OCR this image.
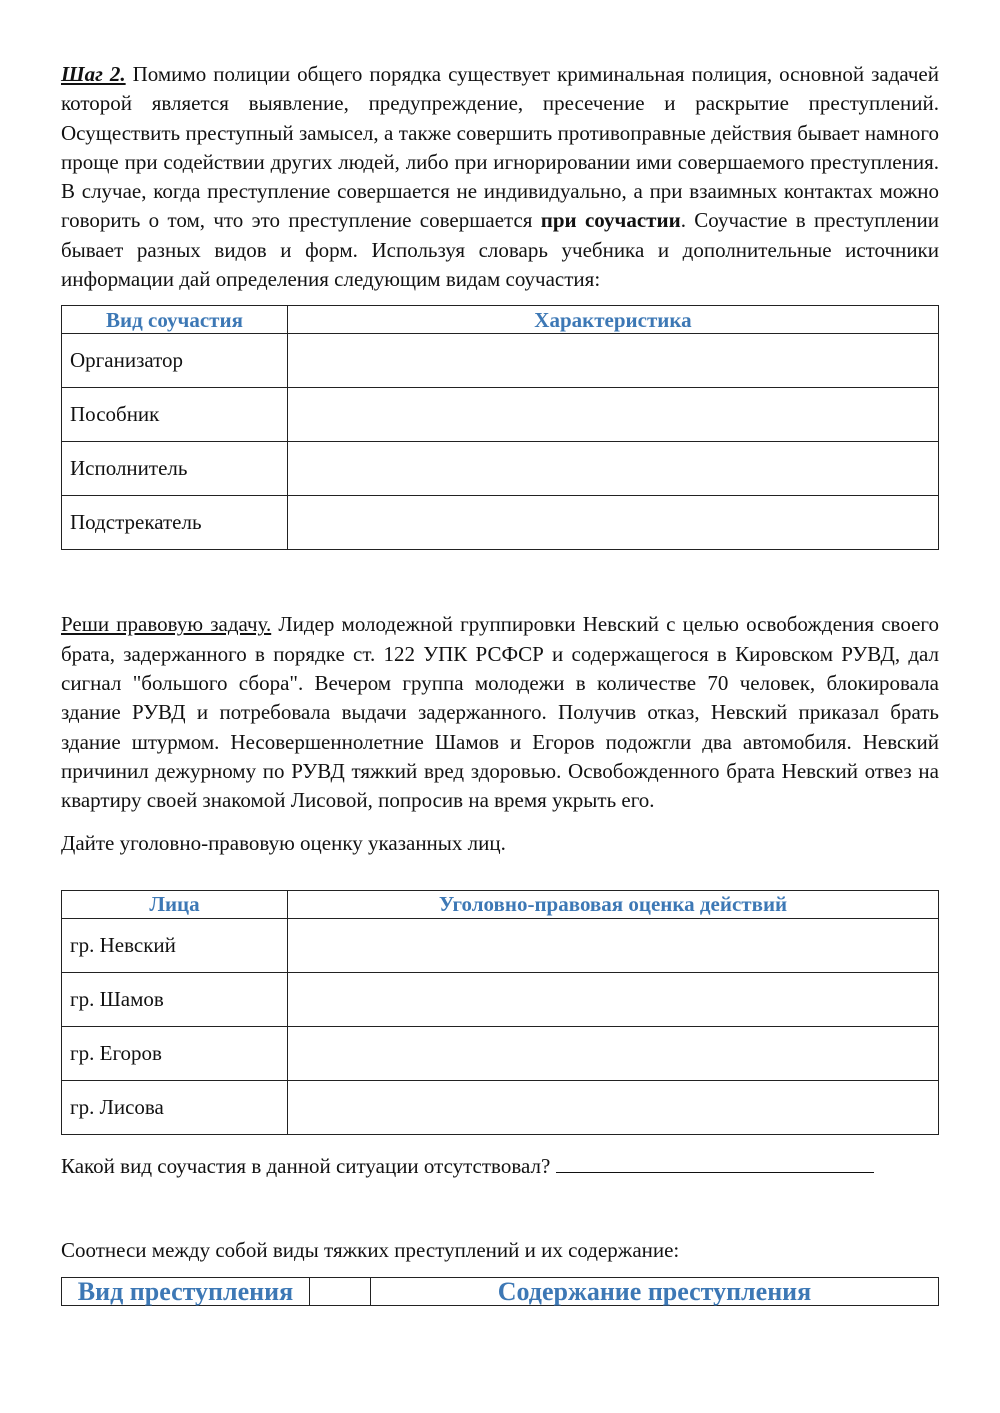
Шаг 2. Помимо полиции общего порядка существует криминальная полиция, основной задачей которой является выявление, предупреждение, пресечение и раскрытие преступлений. Осуществить преступный замысел, а также совершить противоправные действия бывает намного проще при содействии других людей, либо при игнорировании ими совершаемого преступления. В случае, когда преступление совершается не индивидуально, а при взаимных контактах можно говорить о том, что это преступление совершается при соучастии. Соучастие в преступлении бывает разных видов и форм. Используя словарь учебника и дополнительные источники информации дай определения следующим видам соучастия:

Вид соучастия	Характеристика
Организатор	
Пособник	
Исполнитель	
Подстрекатель	

Реши правовую задачу. Лидер молодежной группировки Невский с целью освобождения своего брата, задержанного в порядке ст. 122 УПК РСФСР и содержащегося в Кировском РУВД, дал сигнал "большого сбора". Вечером группа молодежи в количестве 70 человек, блокировала здание РУВД и потребовала выдачи задержанного. Получив отказ, Невский приказал брать здание штурмом. Несовершеннолетние Шамов и Егоров подожгли два автомобиля. Невский причинил дежурному по РУВД тяжкий вред здоровью. Освобожденного брата Невский отвез на квартиру своей знакомой Лисовой, попросив на время укрыть его.

Дайте уголовно-правовую оценку указанных лиц.

Лица	Уголовно-правовая оценка действий
гр. Невский	
гр. Шамов	
гр. Егоров	
гр. Лисова	

Какой вид соучастия в данной ситуации отсутствовал?

Соотнеси между собой виды тяжких преступлений и их содержание:

Вид преступления		Содержание преступления
